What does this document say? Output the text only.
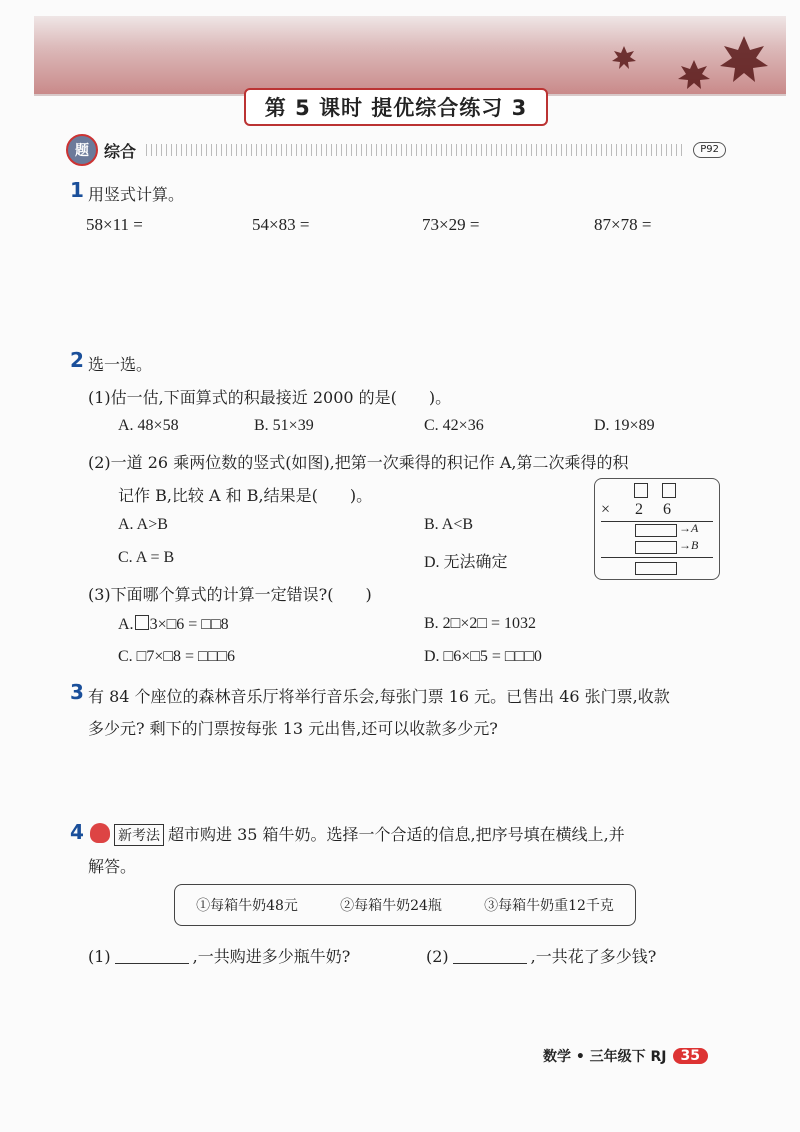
第 5 课时 提优综合练习 3
题 综合	P92
1 用竖式计算。
58×11 =	54×83 =	73×29 =	87×78 =
2 选一选。
(1)估一估,下面算式的积最接近 2000 的是(　　)。
A. 48×58	B. 51×39	C. 42×36	D. 19×89
(2)一道 26 乘两位数的竖式(如图),把第一次乘得的积记作 A,第二次乘得的积
记作 B,比较 A 和 B,结果是(　　)。
A. A>B	B. A<B
C. A = B	D. 无法确定
× 2 6
→A
→B
(3)下面哪个算式的计算一定错误?(　　)
A. 3×□6 = □□8	B. 2□×2□ = 1032
C. □7×□8 = □□□6	D. □6×□5 = □□□0
3 有 84 个座位的森林音乐厅将举行音乐会,每张门票 16 元。已售出 46 张门票,收款
多少元? 剩下的门票按每张 13 元出售,还可以收款多少元?
4	新考法 超市购进 35 箱牛奶。选择一个合适的信息,把序号填在横线上,并
解答。
①每箱牛奶48元	②每箱牛奶24瓶	③每箱牛奶重12千克
(1)	,一共购进多少瓶牛奶?	(2)	,一共花了多少钱?
数学 • 三年级下 RJ	35
